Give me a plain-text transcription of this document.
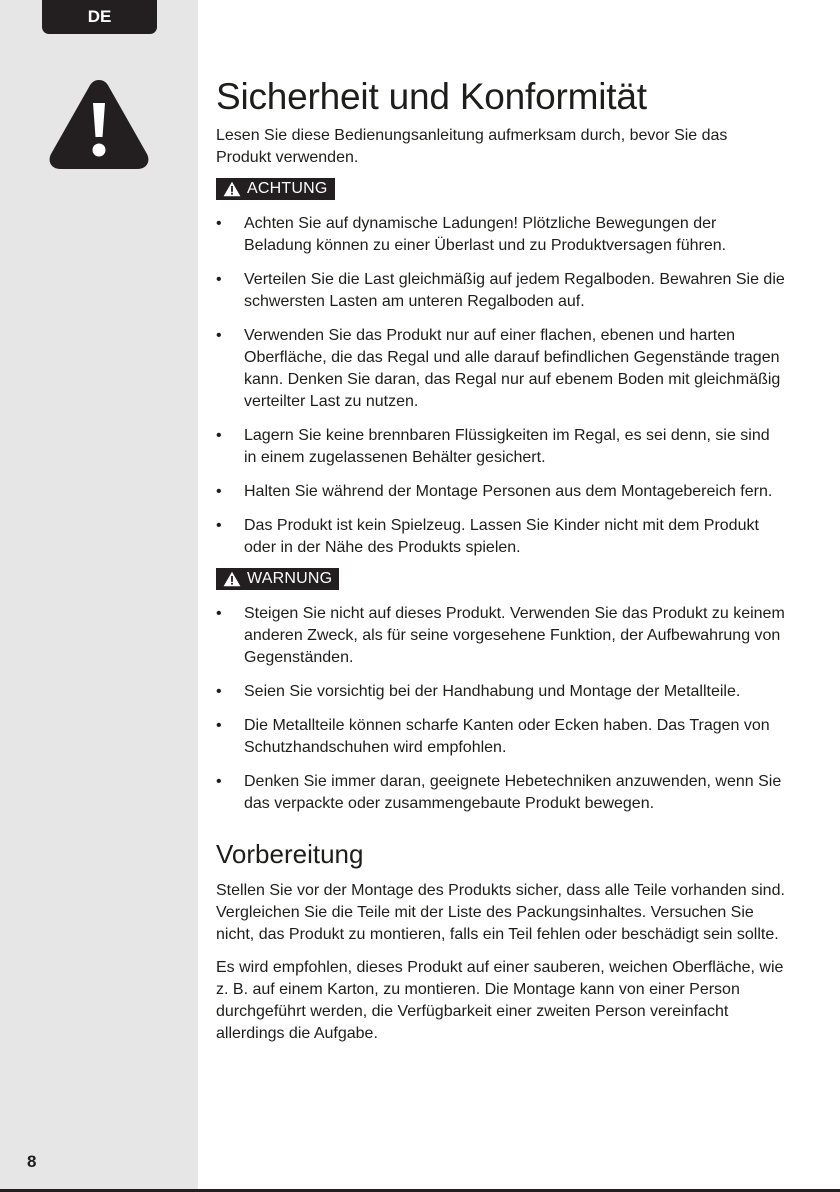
DE
8
Sicherheit und Konformität

Lesen Sie diese Bedienungsanleitung aufmerksam durch, bevor Sie das Produkt verwenden.

ACHTUNG
• Achten Sie auf dynamische Ladungen! Plötzliche Bewegungen der Beladung können zu einer Überlast und zu Produktversagen führen.
• Verteilen Sie die Last gleichmäßig auf jedem Regalboden. Bewahren Sie die schwersten Lasten am unteren Regalboden auf.
• Verwenden Sie das Produkt nur auf einer flachen, ebenen und harten Oberfläche, die das Regal und alle darauf befindlichen Gegenstände tragen kann. Denken Sie daran, das Regal nur auf ebenem Boden mit gleichmäßig verteilter Last zu nutzen.
• Lagern Sie keine brennbaren Flüssigkeiten im Regal, es sei denn, sie sind in einem zugelassenen Behälter gesichert.
• Halten Sie während der Montage Personen aus dem Montagebereich fern.
• Das Produkt ist kein Spielzeug. Lassen Sie Kinder nicht mit dem Produkt oder in der Nähe des Produkts spielen.
WARNUNG
• Steigen Sie nicht auf dieses Produkt. Verwenden Sie das Produkt zu keinem anderen Zweck, als für seine vorgesehene Funktion, der Aufbewahrung von Gegenständen.
• Seien Sie vorsichtig bei der Handhabung und Montage der Metallteile.
• Die Metallteile können scharfe Kanten oder Ecken haben. Das Tragen von Schutzhandschuhen wird empfohlen.
• Denken Sie immer daran, geeignete Hebetechniken anzuwenden, wenn Sie das verpackte oder zusammengebaute Produkt bewegen.
Vorbereitung

Stellen Sie vor der Montage des Produkts sicher, dass alle Teile vorhanden sind. Vergleichen Sie die Teile mit der Liste des Packungsinhaltes. Versuchen Sie nicht, das Produkt zu montieren, falls ein Teil fehlen oder beschädigt sein sollte.

Es wird empfohlen, dieses Produkt auf einer sauberen, weichen Oberfläche, wie z. B. auf einem Karton, zu montieren. Die Montage kann von einer Person durchgeführt werden, die Verfügbarkeit einer zweiten Person vereinfacht allerdings die Aufgabe.
